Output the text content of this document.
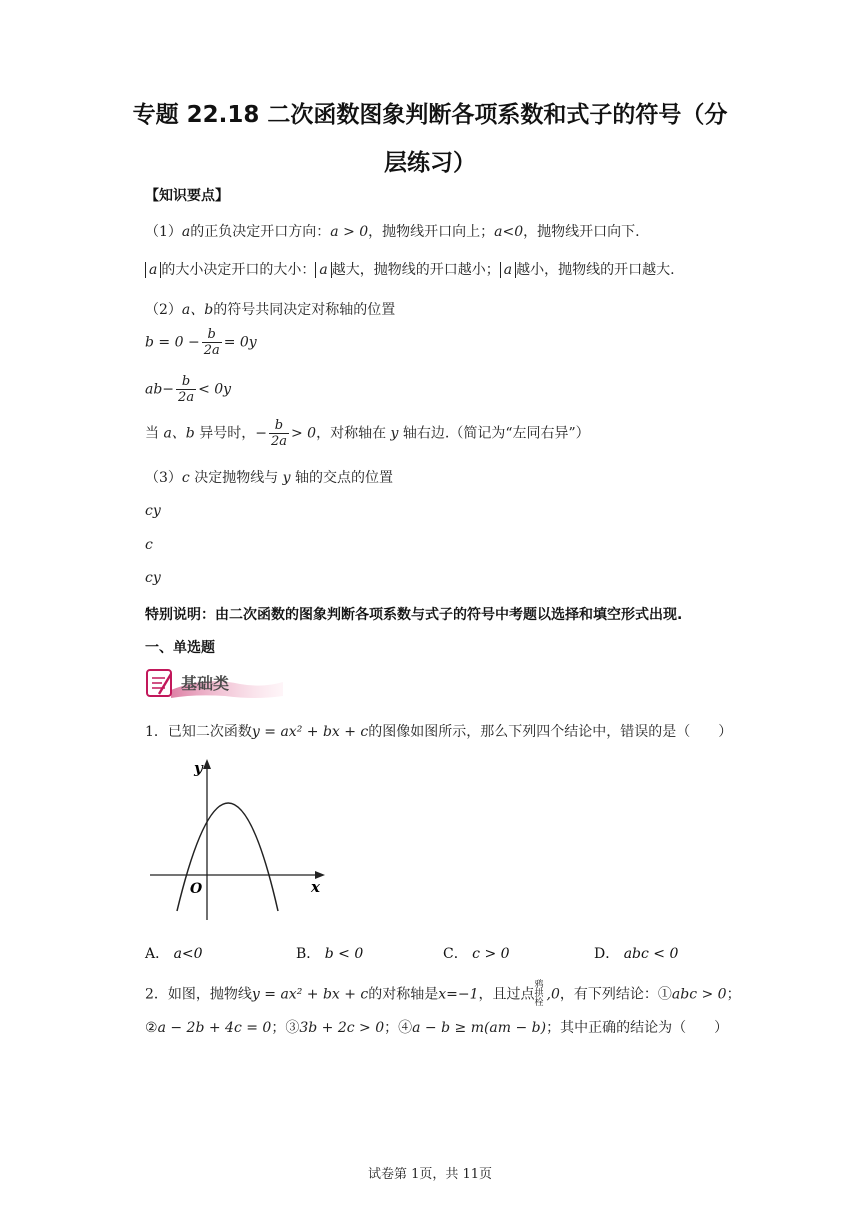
专题 22.18 二次函数图象判断各项系数和式子的符号（分
层练习）
【知识要点】
（1）a的正负决定开口方向：a > 0，抛物线开口向上；a<0，抛物线开口向下.
a 的大小决定开口的大小： a 越大，抛物线的开口越小； a 越小，抛物线的开口越大.
（2）a、b的符号共同决定对称轴的位置
$b = 0 - \frac{b}{2a} = 0y$
$ab- \frac{b}{2a} < 0y$
当 a、b 异号时，− $\frac{b}{2a} > 0$，对称轴在 y 轴右边.（简记为“左同右异”）
（3）c 决定抛物线与 y 轴的交点的位置
cy
c
cy
特别说明：由二次函数的图象判断各项系数与式子的符号中考题以选择和填空形式出现.
一、单选题
基础类
1．已知二次函数y = ax² + bx + c的图像如图所示，那么下列四个结论中，错误的是（　　）
y
x
O
A． a<0	B． b < 0	C． c > 0	D． abc < 0
2．如图，抛物线y = ax² + bx + c的对称轴是x=−1，且过点鸦拱栓,0，有下列结论：①abc > 0；
②a − 2b + 4c = 0；③3b + 2c > 0；④a − b ≥ m(am − b)；其中正确的结论为（　　）
试卷第 1页，共 11页
